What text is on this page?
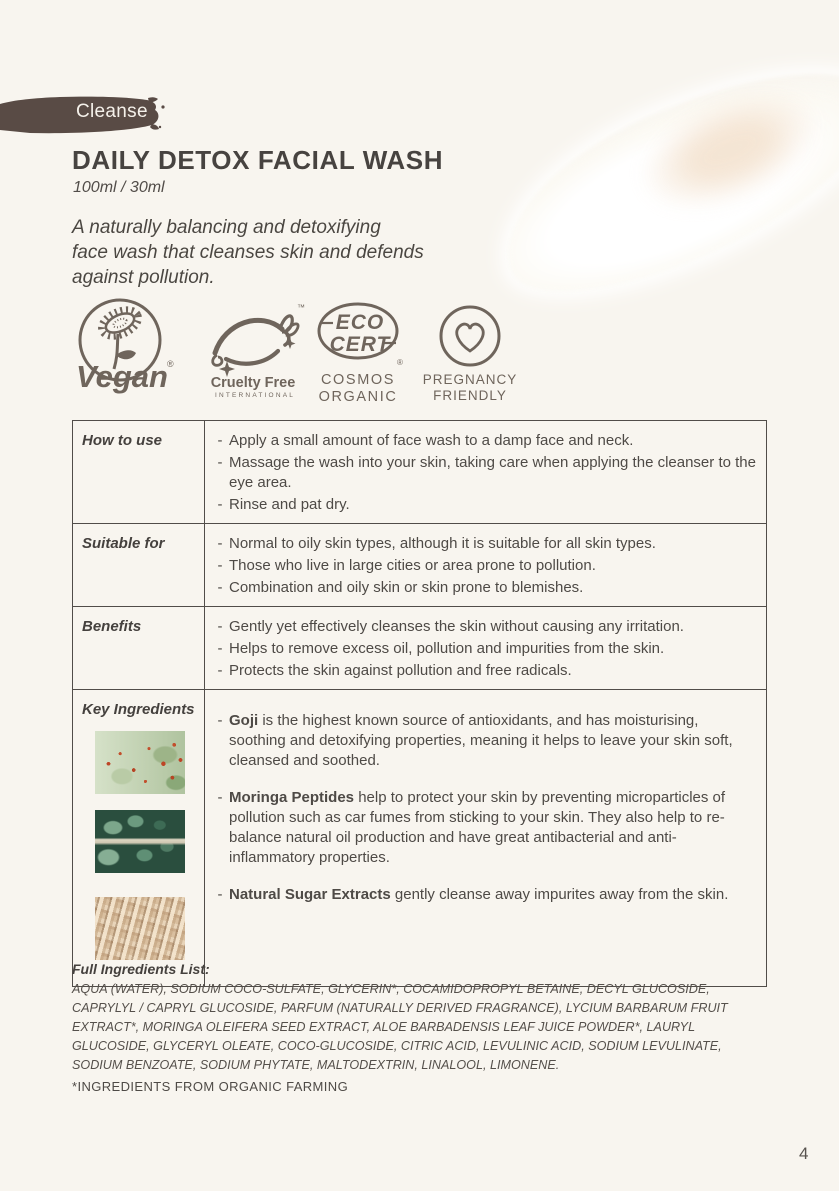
Cleanse
DAILY DETOX FACIAL WASH
100ml / 30ml
A naturally balancing and detoxifying
face wash that cleanses skin and defends
against pollution.
Vegan ®
™
Cruelty Free
INTERNATIONAL
ECO
CERT
®
COSMOS
ORGANIC
PREGNANCY
FRIENDLY
How to use	- Apply a small amount of face wash to a damp face and neck.
- Massage the wash into your skin, taking care when applying the cleanser to the eye area.
- Rinse and pat dry.
Suitable for	- Normal to oily skin types, although it is suitable for all skin types.
- Those who live in large cities or area prone to pollution.
- Combination and oily skin or skin prone to blemishes.
Benefits	- Gently yet effectively cleanses the skin without causing any irritation.
- Helps to remove excess oil, pollution and impurities from the skin.
- Protects the skin against pollution and free radicals.
Key Ingredients

- Goji is the highest known source of antioxidants, and has moisturising, soothing and detoxifying properties, meaning it helps to leave your skin soft, cleansed and soothed.

- Moringa Peptides help to protect your skin by preventing microparticles of pollution such as car fumes from sticking to your skin. They also help to re-balance natural oil production and have great antibacterial and anti-inflammatory properties.

- Natural Sugar Extracts gently cleanse away impurites away from the skin.

Full Ingredients List:
AQUA (WATER), SODIUM COCO-SULFATE, GLYCERIN*, COCAMIDOPROPYL BETAINE, DECYL GLUCOSIDE, CAPRYLYL / CAPRYL GLUCOSIDE, PARFUM (NATURALLY DERIVED FRAGRANCE), LYCIUM BARBARUM FRUIT EXTRACT*, MORINGA OLEIFERA SEED EXTRACT, ALOE BARBADENSIS LEAF JUICE POWDER*, LAURYL GLUCOSIDE, GLYCERYL OLEATE, COCO-GLUCOSIDE, CITRIC ACID, LEVULINIC ACID, SODIUM LEVULINATE, SODIUM BENZOATE, SODIUM PHYTATE, MALTODEXTRIN, LINALOOL, LIMONENE.
*INGREDIENTS FROM ORGANIC FARMING
4
